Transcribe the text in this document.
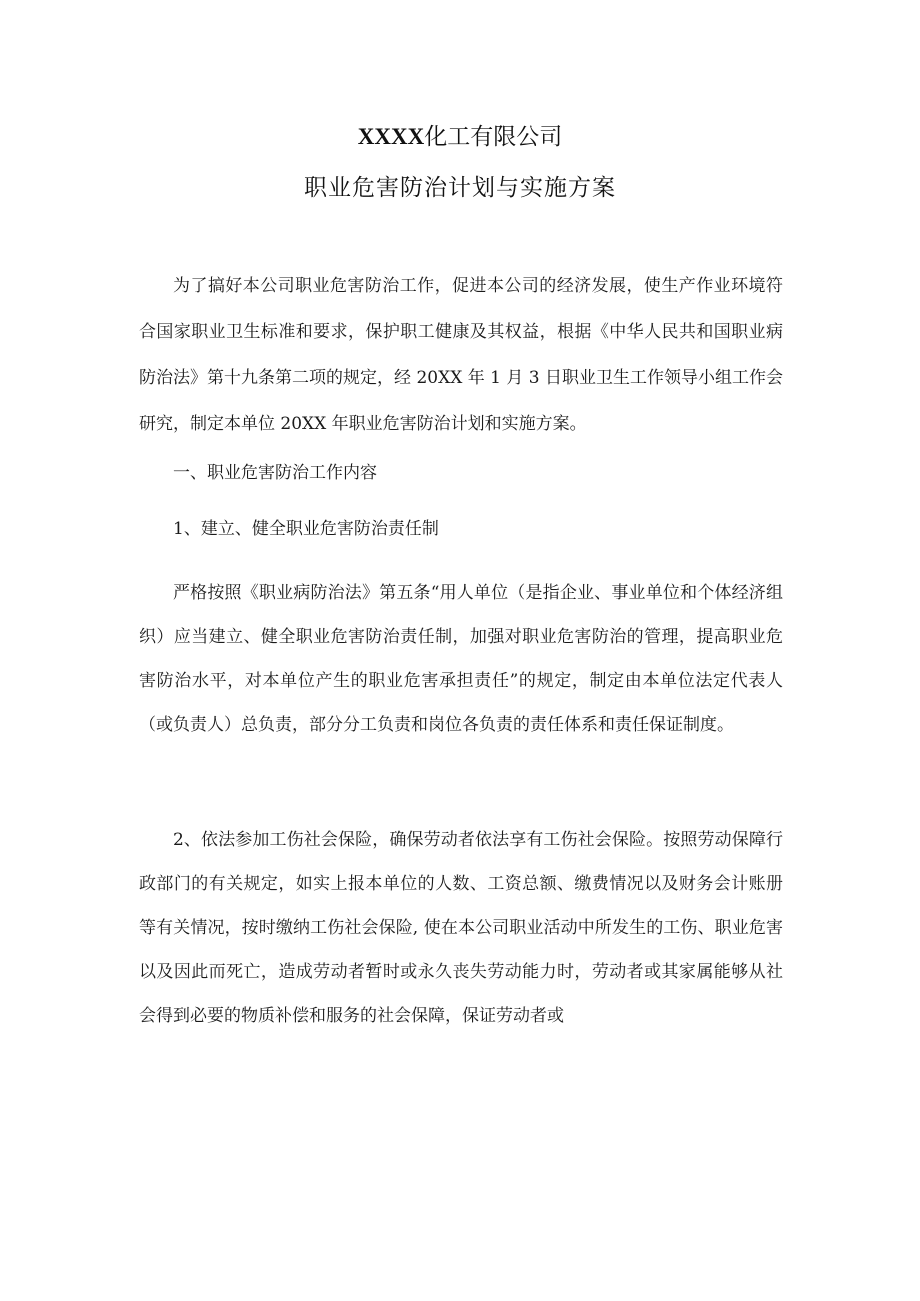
XXXX化工有限公司
职业危害防治计划与实施方案
为了搞好本公司职业危害防治工作，促进本公司的经济发展，使生产作业环境符合国家职业卫生标准和要求，保护职工健康及其权益，根据《中华人民共和国职业病防治法》第十九条第二项的规定，经 20XX 年 1 月 3 日职业卫生工作领导小组工作会研究，制定本单位 20XX 年职业危害防治计划和实施方案。
一、职业危害防治工作内容
1、建立、健全职业危害防治责任制
严格按照《职业病防治法》第五条“用人单位（是指企业、事业单位和个体经济组织）应当建立、健全职业危害防治责任制，加强对职业危害防治的管理，提高职业危害防治水平，对本单位产生的职业危害承担责任”的规定，制定由本单位法定代表人（或负责人）总负责，部分分工负责和岗位各负责的责任体系和责任保证制度。
2、依法参加工伤社会保险，确保劳动者依法享有工伤社会保险。按照劳动保障行政部门的有关规定，如实上报本单位的人数、工资总额、缴费情况以及财务会计账册等有关情况，按时缴纳工伤社会保险, 使在本公司职业活动中所发生的工伤、职业危害以及因此而死亡，造成劳动者暂时或永久丧失劳动能力时，劳动者或其家属能够从社会得到必要的物质补偿和服务的社会保障，保证劳动者或
